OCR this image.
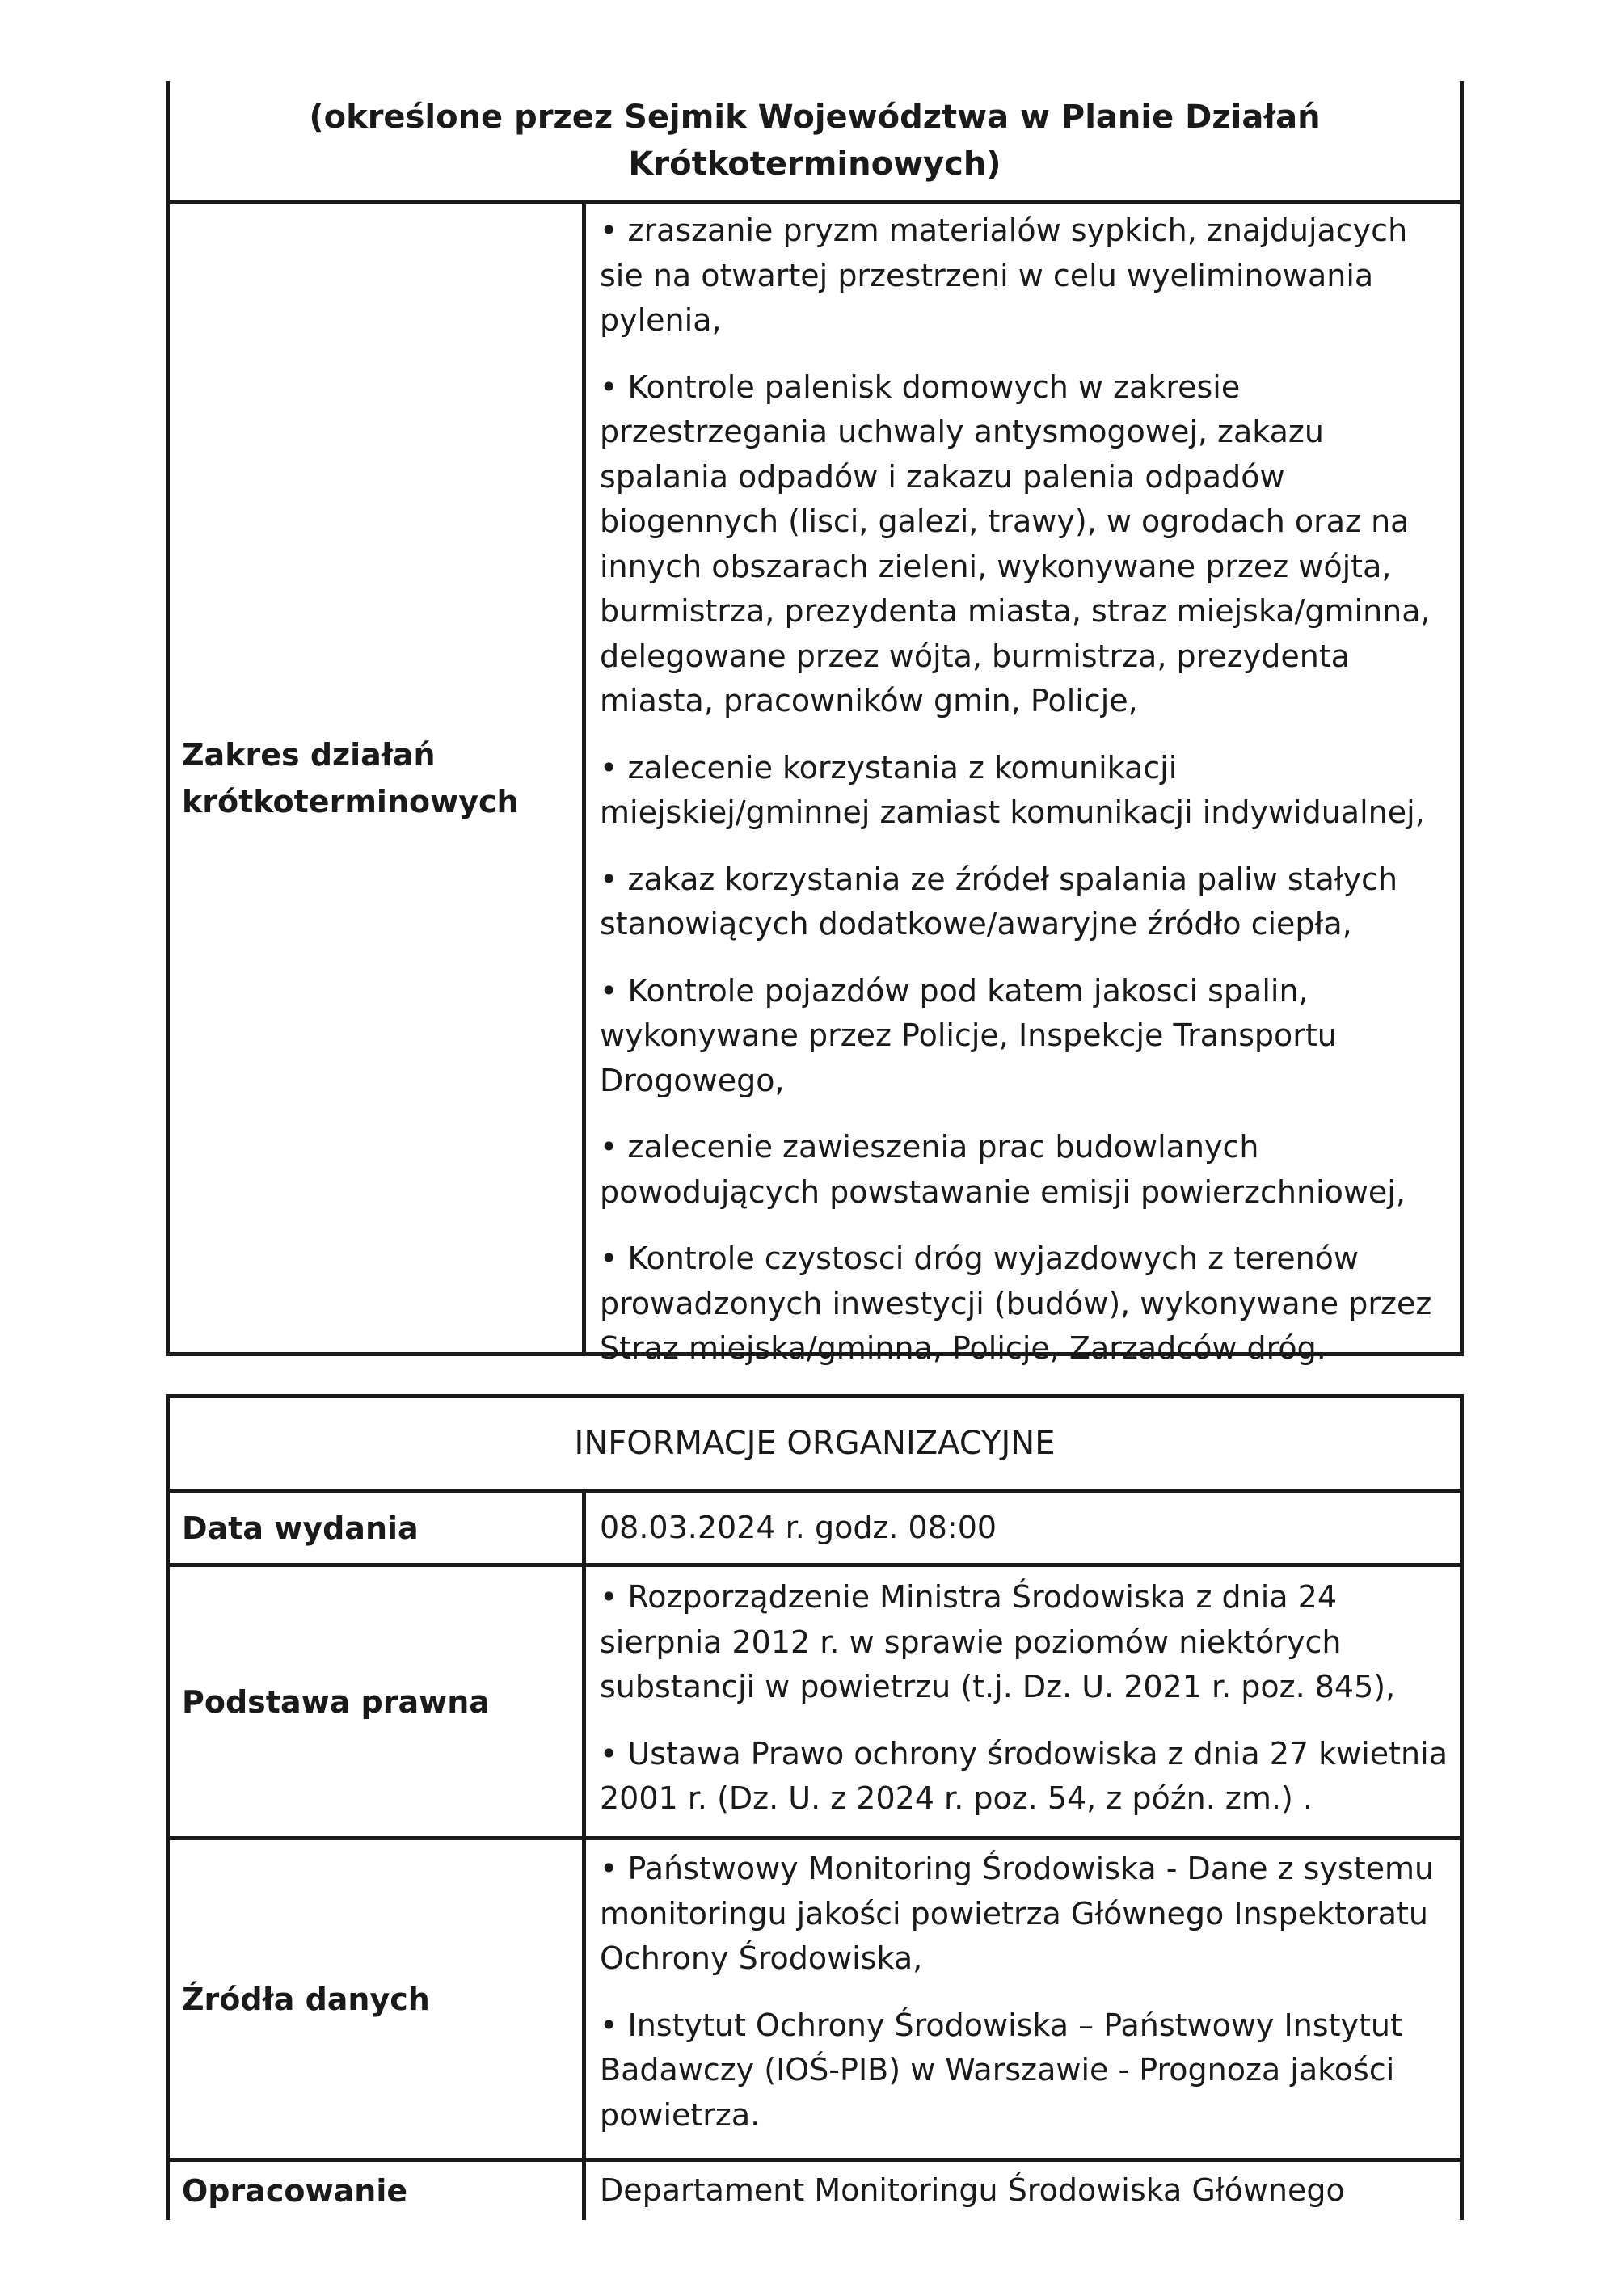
(określone przez Sejmik Województwa w Planie Działań Krótkoterminowych)
Zakres działań krótkoterminowych

• zraszanie pryzm materialów sypkich, znajdujacych sie na otwartej przestrzeni w celu wyeliminowania pylenia,

• Kontrole palenisk domowych w zakresie przestrzegania uchwaly antysmogowej, zakazu spalania odpadów i zakazu palenia odpadów biogennych (lisci, galezi, trawy), w ogrodach oraz na innych obszarach zieleni, wykonywane przez wójta, burmistrza, prezydenta miasta, straz miejska/gminna, delegowane przez wójta, burmistrza, prezydenta miasta, pracowników gmin, Policje,

• zalecenie korzystania z komunikacji miejskiej/gminnej zamiast komunikacji indywidualnej,

• zakaz korzystania ze źródeł spalania paliw stałych stanowiących dodatkowe/awaryjne źródło ciepła,

• Kontrole pojazdów pod katem jakosci spalin, wykonywane przez Policje, Inspekcje Transportu Drogowego,

• zalecenie zawieszenia prac budowlanych powodujących powstawanie emisji powierzchniowej,

• Kontrole czystosci dróg wyjazdowych z terenów prowadzonych inwestycji (budów), wykonywane przez Straz miejska/gminna, Policje, Zarzadców dróg.

INFORMACJE ORGANIZACYJNE
Data wydania	08.03.2024 r. godz. 08:00

Podstawa prawna

• Rozporządzenie Ministra Środowiska z dnia 24 sierpnia 2012 r. w sprawie poziomów niektórych substancji w powietrzu (t.j. Dz. U. 2021 r. poz. 845),

• Ustawa Prawo ochrony środowiska z dnia 27 kwietnia 2001 r. (Dz. U. z 2024 r. poz. 54, z późn. zm.) .

Źródła danych

• Państwowy Monitoring Środowiska - Dane z systemu monitoringu jakości powietrza Głównego Inspektoratu Ochrony Środowiska,

• Instytut Ochrony Środowiska – Państwowy Instytut Badawczy (IOŚ-PIB) w Warszawie - Prognoza jakości powietrza.

Opracowanie	Departament Monitoringu Środowiska Głównego
